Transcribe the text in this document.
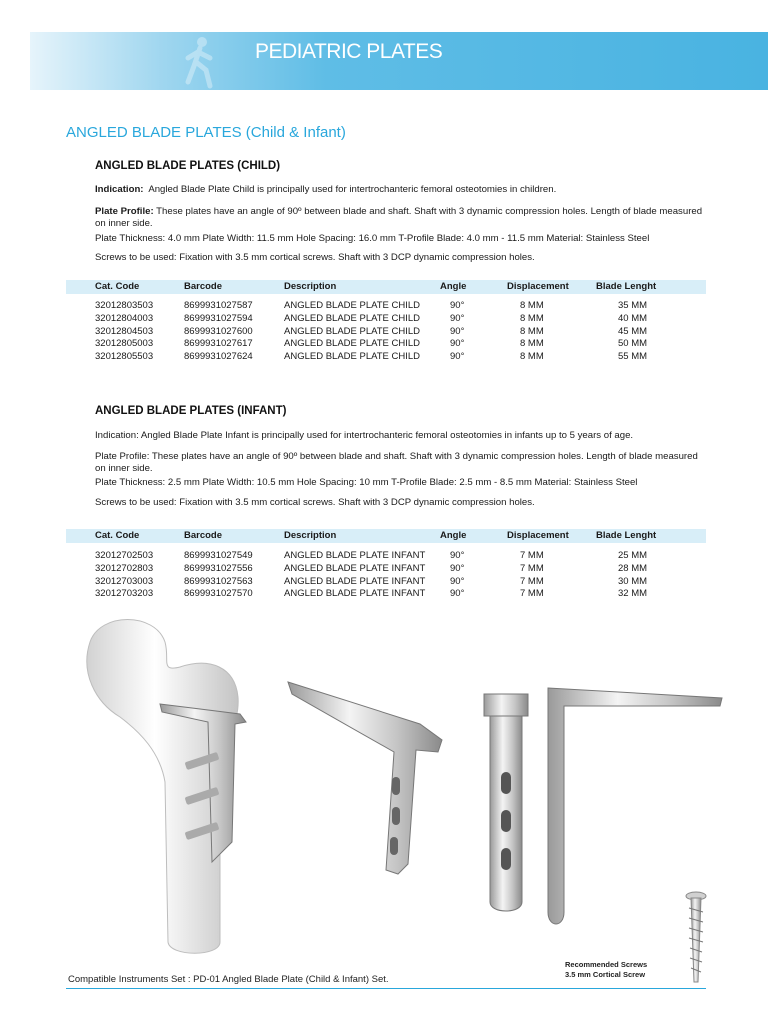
PEDIATRIC PLATES
ANGLED BLADE PLATES (Child & Infant)
ANGLED BLADE PLATES (CHILD)
Indication: Angled Blade Plate Child is principally used for intertrochanteric femoral osteotomies in children.
Plate Profile: These plates have an angle of 90º between blade and shaft. Shaft with 3 dynamic compression holes. Length of blade measured on inner side.
Plate Thickness: 4.0 mm Plate Width: 11.5 mm Hole Spacing: 16.0 mm T-Profile Blade: 4.0 mm - 11.5 mm Material: Stainless Steel
Screws to be used: Fixation with 3.5 mm cortical screws. Shaft with 3 DCP dynamic compression holes.
Cat. Code	Barcode	Description	Angle	Displacement	Blade Lenght
32012803503	8699931027587	ANGLED BLADE PLATE CHILD	90°	8 MM	35 MM
32012804003	8699931027594	ANGLED BLADE PLATE CHILD	90°	8 MM	40 MM
32012804503	8699931027600	ANGLED BLADE PLATE CHILD	90°	8 MM	45 MM
32012805003	8699931027617	ANGLED BLADE PLATE CHILD	90°	8 MM	50 MM
32012805503	8699931027624	ANGLED BLADE PLATE CHILD	90°	8 MM	55 MM
ANGLED BLADE PLATES (INFANT)
Indication: Angled Blade Plate Infant is principally used for intertrochanteric femoral osteotomies in infants up to 5 years of age.
Plate Profile: These plates have an angle of 90º between blade and shaft. Shaft with 3 dynamic compression holes. Length of blade measured on inner side.
Plate Thickness: 2.5 mm Plate Width: 10.5 mm Hole Spacing: 10 mm T-Profile Blade: 2.5 mm - 8.5 mm Material: Stainless Steel
Screws to be used: Fixation with 3.5 mm cortical screws. Shaft with 3 DCP dynamic compression holes.
Cat. Code	Barcode	Description	Angle	Displacement	Blade Lenght
32012702503	8699931027549	ANGLED BLADE PLATE INFANT	90°	7 MM	25 MM
32012702803	8699931027556	ANGLED BLADE PLATE INFANT	90°	7 MM	28 MM
32012703003	8699931027563	ANGLED BLADE PLATE INFANT	90°	7 MM	30 MM
32012703203	8699931027570	ANGLED BLADE PLATE INFANT	90°	7 MM	32 MM
Recommended Screws
3.5 mm Cortical Screw
Compatible Instruments Set : PD-01 Angled Blade Plate (Child & Infant) Set.
